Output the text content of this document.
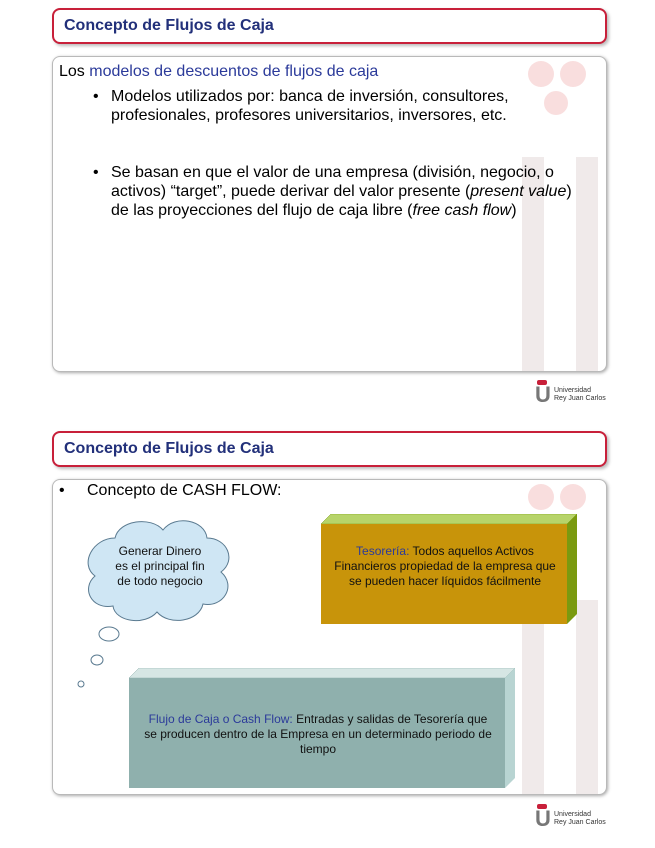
Concepto de Flujos de Caja
Los modelos de descuentos de flujos de caja
• Modelos utilizados por: banca de inversión, consultores, profesionales, profesores universitarios, inversores, etc.
• Se basan en que el valor de una empresa (división, negocio, o activos) “target”, puede derivar del valor presente (present value) de las proyecciones del flujo de caja libre (free cash flow)
U Universidad
Rey Juan Carlos
Concepto de Flujos de Caja
• Concepto de CASH FLOW:
Generar Dinero es el principal fin de todo negocio
Tesorería: Todos aquellos Activos Financieros propiedad de la empresa que se pueden hacer líquidos fácilmente
Flujo de Caja o Cash Flow: Entradas y salidas de Tesorería que se producen dentro de la Empresa en un determinado periodo de tiempo
U Universidad
Rey Juan Carlos
